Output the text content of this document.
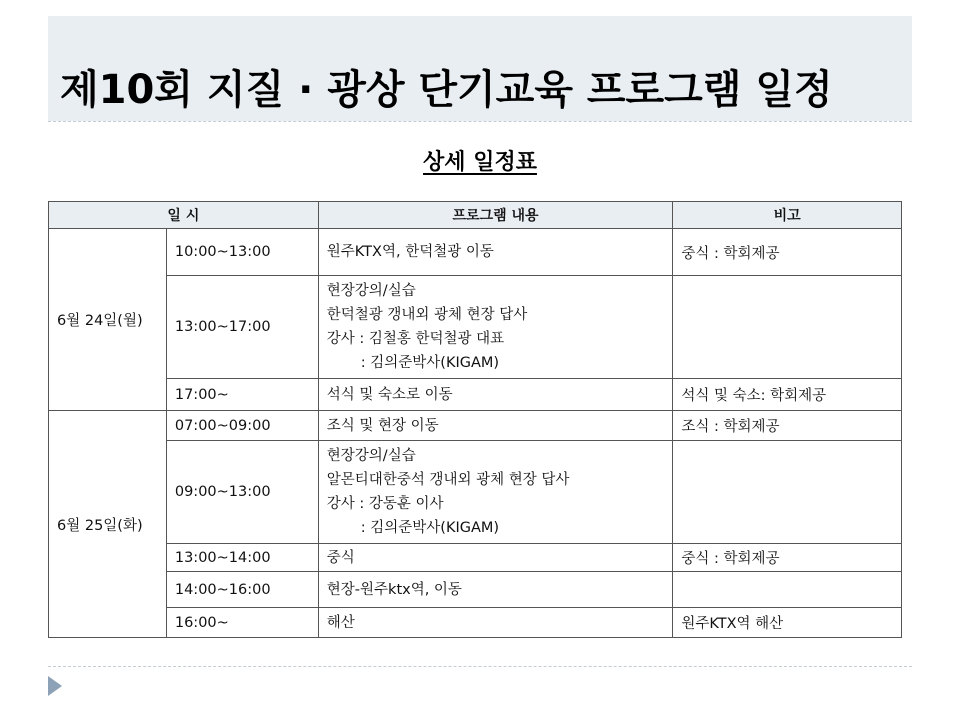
제10회 지질 · 광상 단기교육 프로그램 일정
상세 일정표
일 시		프로그램 내용	비고
6월 24일(월)	10:00~13:00	원주KTX역, 한덕철광 이동	중식 : 학회제공
	13:00~17:00	현장강의/실습
한덕철광 갱내외 광체 현장 답사
강사 : 김철홍 한덕철광 대표
: 김의준박사(KIGAM)	

	17:00~	석식 및 숙소로 이동	석식 및 숙소: 학회제공
6월 25일(화)	07:00~09:00	조식 및 현장 이동	조식 : 학회제공
	09:00~13:00	현장강의/실습
알몬티대한중석 갱내외 광체 현장 답사
강사 : 강동훈 이사
: 김의준박사(KIGAM)	

	13:00~14:00	중식	중식 : 학회제공
	14:00~16:00	현장-원주ktx역, 이동	

	16:00~	해산	원주KTX역 해산
